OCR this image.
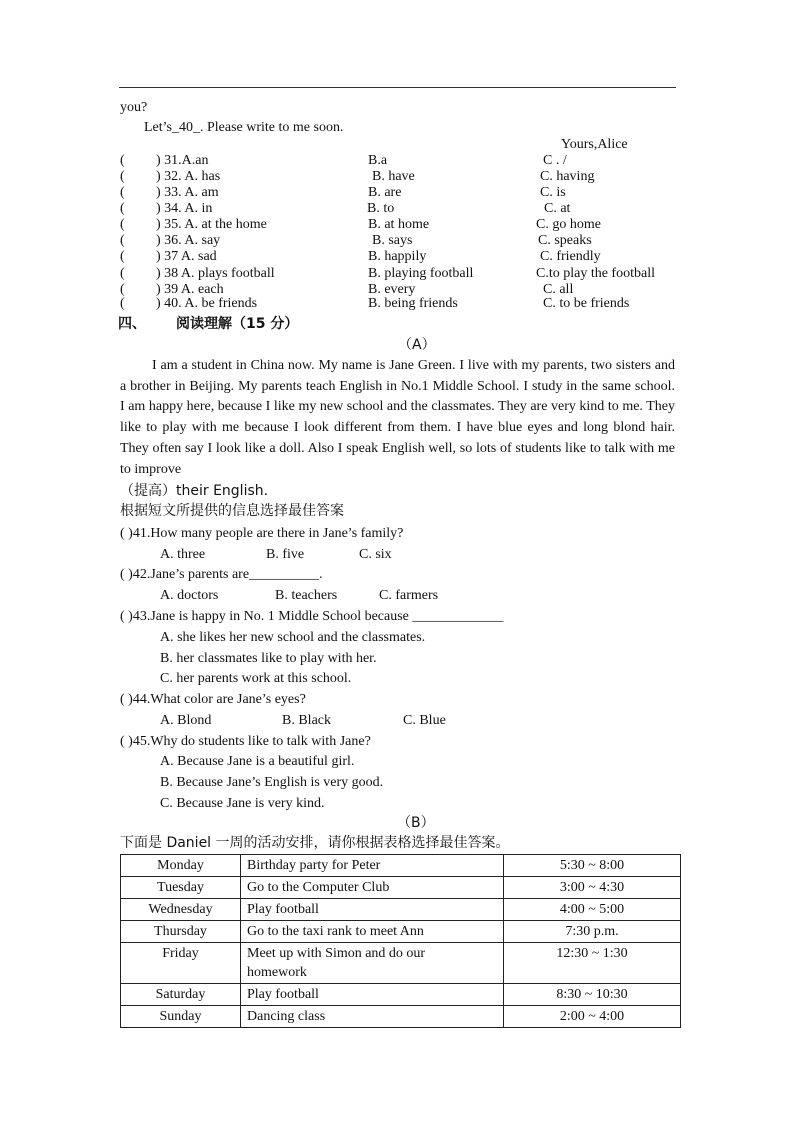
you?
Let’s_40_. Please write to me soon.
Yours,Alice
( ) 31.A.an	B.a	C . /
( ) 32. A. has	B. have	C. having
( ) 33. A. am	B. are	C. is
( ) 34. A. in	B. to	C. at
( ) 35. A. at the home	B. at home	C. go home
( ) 36. A. say	B. says	C. speaks
( ) 37 A. sad	B. happily	C. friendly
( ) 38 A. plays football	B. playing football	C.to play the football
( ) 39 A. each	B. every	C. all
( ) 40. A. be friends	B. being friends	C. to be friends
四、 阅读理解（15 分）
（A）
I am a student in China now. My name is Jane Green. I live with my parents, two sisters and a brother in Beijing. My parents teach English in No.1 Middle School. I study in the same school. I am happy here, because I like my new school and the classmates. They are very kind to me. They like to play with me because I look different from them. I have blue eyes and long blond hair. They often say I look like a doll. Also I speak English well, so lots of students like to talk with me to improve
（提高）their English.
根据短文所提供的信息选择最佳答案
( )41.How many people are there in Jane’s family?
A. three	B. five	C. six
( )42.Jane’s parents are__________.
A. doctors	B. teachers	C. farmers
( )43.Jane is happy in No. 1 Middle School because _____________
A. she likes her new school and the classmates.
B. her classmates like to play with her.
C. her parents work at this school.
( )44.What color are Jane’s eyes?
A. Blond	B. Black	C. Blue
( )45.Why do students like to talk with Jane?
A. Because Jane is a beautiful girl.
B. Because Jane’s English is very good.
C. Because Jane is very kind.
（B）
下面是 Daniel 一周的活动安排，请你根据表格选择最佳答案。
Monday	Birthday party for Peter	5:30 ~ 8:00
Tuesday	Go to the Computer Club	3:00 ~ 4:30
Wednesday	Play football	4:00 ~ 5:00
Thursday	Go to the taxi rank to meet Ann	7:30 p.m.
Friday	Meet up with Simon and do our homework	12:30 ~ 1:30
Saturday	Play football	8:30 ~ 10:30
Sunday	Dancing class	2:00 ~ 4:00
